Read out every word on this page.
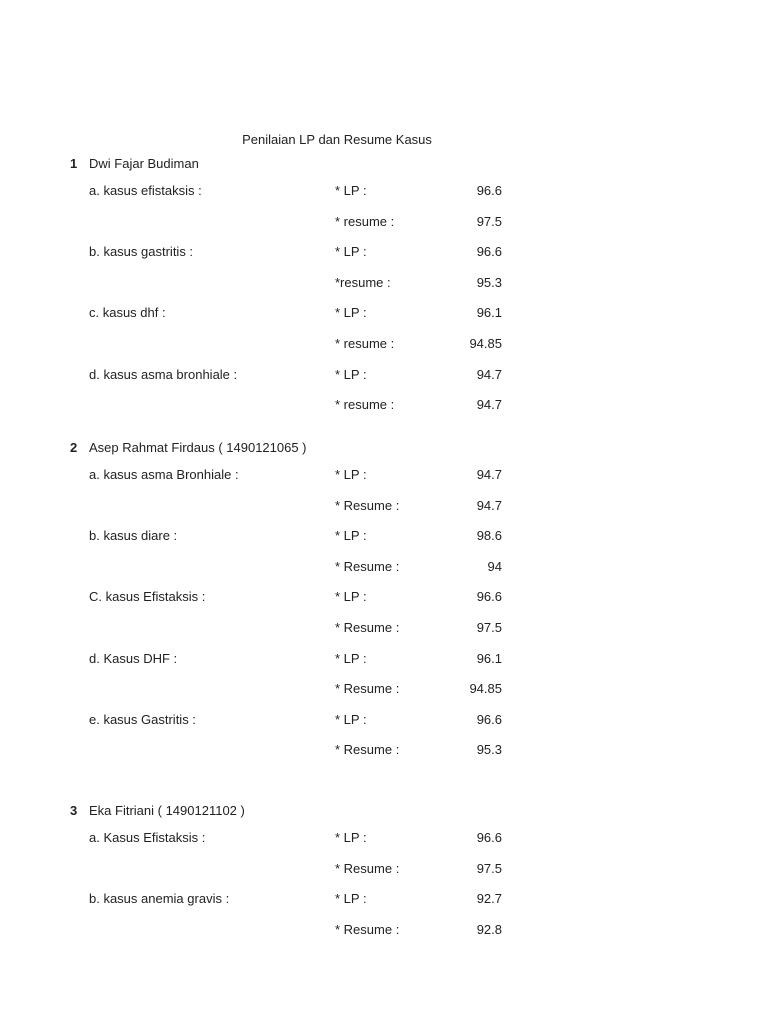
Penilaian LP dan Resume Kasus
1 Dwi Fajar Budiman
a. kasus efistaksis :	* LP :	96.6
* resume :	97.5
b. kasus gastritis :	* LP :	96.6
*resume :	95.3
c. kasus dhf :	* LP :	96.1
* resume :	94.85
d. kasus asma bronhiale :	* LP :	94.7
* resume :	94.7
2 Asep Rahmat Firdaus ( 1490121065 )
a. kasus asma Bronhiale :	* LP :	94.7
* Resume :	94.7
b. kasus diare :	* LP :	98.6
* Resume :	94
C. kasus Efistaksis :	* LP :	96.6
* Resume :	97.5
d. Kasus DHF :	* LP :	96.1
* Resume :	94.85
e. kasus Gastritis :	* LP :	96.6
* Resume :	95.3
3 Eka Fitriani ( 1490121102 )
a. Kasus Efistaksis :	* LP :	96.6
* Resume :	97.5
b. kasus anemia gravis :	* LP :	92.7
* Resume :	92.8
